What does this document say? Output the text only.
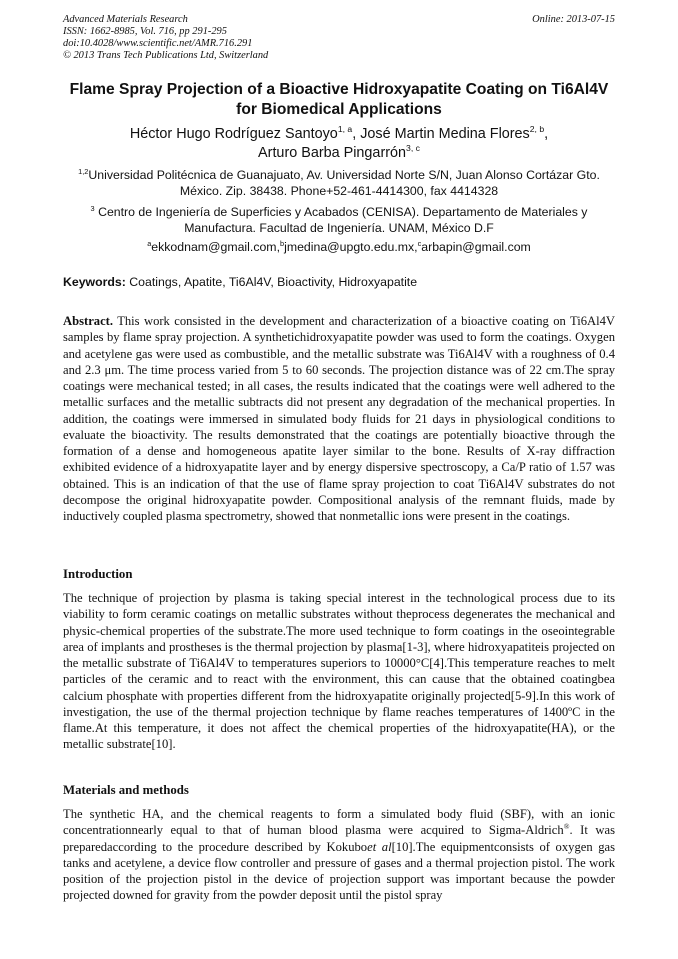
Advanced Materials Research
ISSN: 1662-8985, Vol. 716, pp 291-295
doi:10.4028/www.scientific.net/AMR.716.291
© 2013 Trans Tech Publications Ltd, Switzerland
Online: 2013-07-15
Flame Spray Projection of a Bioactive Hidroxyapatite Coating on Ti6Al4V for Biomedical Applications
Héctor Hugo Rodríguez Santoyo$^{1, a}$, José Martin Medina Flores$^{2, b}$,
Arturo Barba Pingarrón$^{3, c}$
$^{1,2}$Universidad Politécnica de Guanajuato, Av. Universidad Norte S/N, Juan Alonso Cortázar Gto. México. Zip. 38438. Phone+52-461-4414300, fax 4414328
$^3$ Centro de Ingeniería de Superficies y Acabados (CENISA). Departamento de Materiales y Manufactura. Facultad de Ingeniería. UNAM, México D.F
$^a$ekkodnam@gmail.com,$^b$jmedina@upgto.edu.mx,$^c$arbapin@gmail.com
Keywords: Coatings, Apatite, Ti6Al4V, Bioactivity, Hidroxyapatite
Abstract. This work consisted in the development and characterization of a bioactive coating on Ti6Al4V samples by flame spray projection. A synthetichidroxyapatite powder was used to form the coatings. Oxygen and acetylene gas were used as combustible, and the metallic substrate was Ti6Al4V with a roughness of 0.4 and 2.3 μm. The time process varied from 5 to 60 seconds. The projection distance was of 22 cm.The spray coatings were mechanical tested; in all cases, the results indicated that the coatings were well adhered to the metallic surfaces and the metallic subtracts did not present any degradation of the mechanical properties. In addition, the coatings were immersed in simulated body fluids for 21 days in physiological conditions to evaluate the bioactivity. The results demonstrated that the coatings are potentially bioactive through the formation of a dense and homogeneous apatite layer similar to the bone. Results of X-ray diffraction exhibited evidence of a hidroxyapatite layer and by energy dispersive spectroscopy, a Ca/P ratio of 1.57 was obtained. This is an indication of that the use of flame spray projection to coat Ti6Al4V substrates do not decompose the original hidroxyapatite powder. Compositional analysis of the remnant fluids, made by inductively coupled plasma spectrometry, showed that nonmetallic ions were present in the coatings.
Introduction
The technique of projection by plasma is taking special interest in the technological process due to its viability to form ceramic coatings on metallic substrates without theprocess degenerates the mechanical and physic-chemical properties of the substrate.The more used technique to form coatings in the oseointegrable area of implants and prostheses is the thermal projection by plasma[1-3], where hidroxyapatiteis projected on the metallic substrate of Ti6Al4V to temperatures superiors to 10000°C[4].This temperature reaches to melt particles of the ceramic and to react with the environment, this can cause that the obtained coatingbea calcium phosphate with properties different from the hidroxyapatite originally projected[5-9].In this work of investigation, the use of the thermal projection technique by flame reaches temperatures of 1400ºC in the flame.At this temperature, it does not affect the chemical properties of the hidroxyapatite(HA), or the metallic substrate[10].
Materials and methods
The synthetic HA, and the chemical reagents to form a simulated body fluid (SBF), with an ionic concentrationnearly equal to that of human blood plasma were acquired to Sigma-Aldrich®. It was preparedaccording to the procedure described by Kokuboet al[10].The equipmentconsists of oxygen gas tanks and acetylene, a device flow controller and pressure of gases and a thermal projection pistol. The work position of the projection pistol in the device of projection support was important because the powder projected downed for gravity from the powder deposit until the pistol spray
